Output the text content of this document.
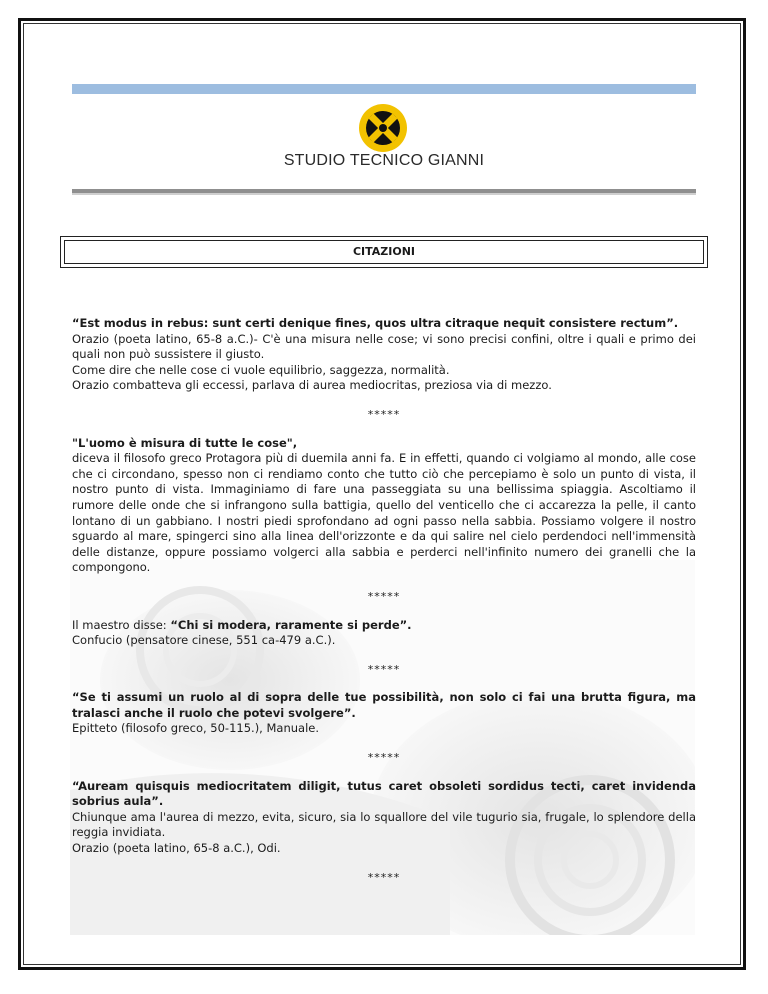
STUDIO TECNICO GIANNI
CITAZIONI

“Est modus in rebus: sunt certi denique fines, quos ultra citraque nequit consistere rectum”.

Orazio (poeta latino, 65-8 a.C.)- C'è una misura nelle cose; vi sono precisi confini, oltre i quali e primo dei quali non può sussistere il giusto.

Come dire che nelle cose ci vuole equilibrio, saggezza, normalità.

Orazio combatteva gli eccessi, parlava di aurea mediocritas, preziosa via di mezzo.

*****

"L'uomo è misura di tutte le cose",

diceva il filosofo greco Protagora più di duemila anni fa. E in effetti, quando ci volgiamo al mondo, alle cose che ci circondano, spesso non ci rendiamo conto che tutto ciò che percepiamo è solo un punto di vista, il nostro punto di vista. Immaginiamo di fare una passeggiata su una bellissima spiaggia. Ascoltiamo il rumore delle onde che si infrangono sulla battigia, quello del venticello che ci accarezza la pelle, il canto lontano di un gabbiano. I nostri piedi sprofondano ad ogni passo nella sabbia. Possiamo volgere il nostro sguardo al mare, spingerci sino alla linea dell'orizzonte e da qui salire nel cielo perdendoci nell'immensità delle distanze, oppure possiamo volgerci alla sabbia e perderci nell'infinito numero dei granelli che la compongono.

*****

Il maestro disse: “Chi si modera, raramente si perde”.

Confucio (pensatore cinese, 551 ca-479 a.C.).

*****

“Se ti assumi un ruolo al di sopra delle tue possibilità, non solo ci fai una brutta figura, ma tralasci anche il ruolo che potevi svolgere”.

Epitteto (filosofo greco, 50-115.), Manuale.

*****

“Auream quisquis mediocritatem diligit, tutus caret obsoleti sordidus tecti, caret invidenda sobrius aula”.

Chiunque ama l'aurea di mezzo, evita, sicuro, sia lo squallore del vile tugurio sia, frugale, lo splendore della reggia invidiata.

Orazio (poeta latino, 65-8 a.C.), Odi.

*****
